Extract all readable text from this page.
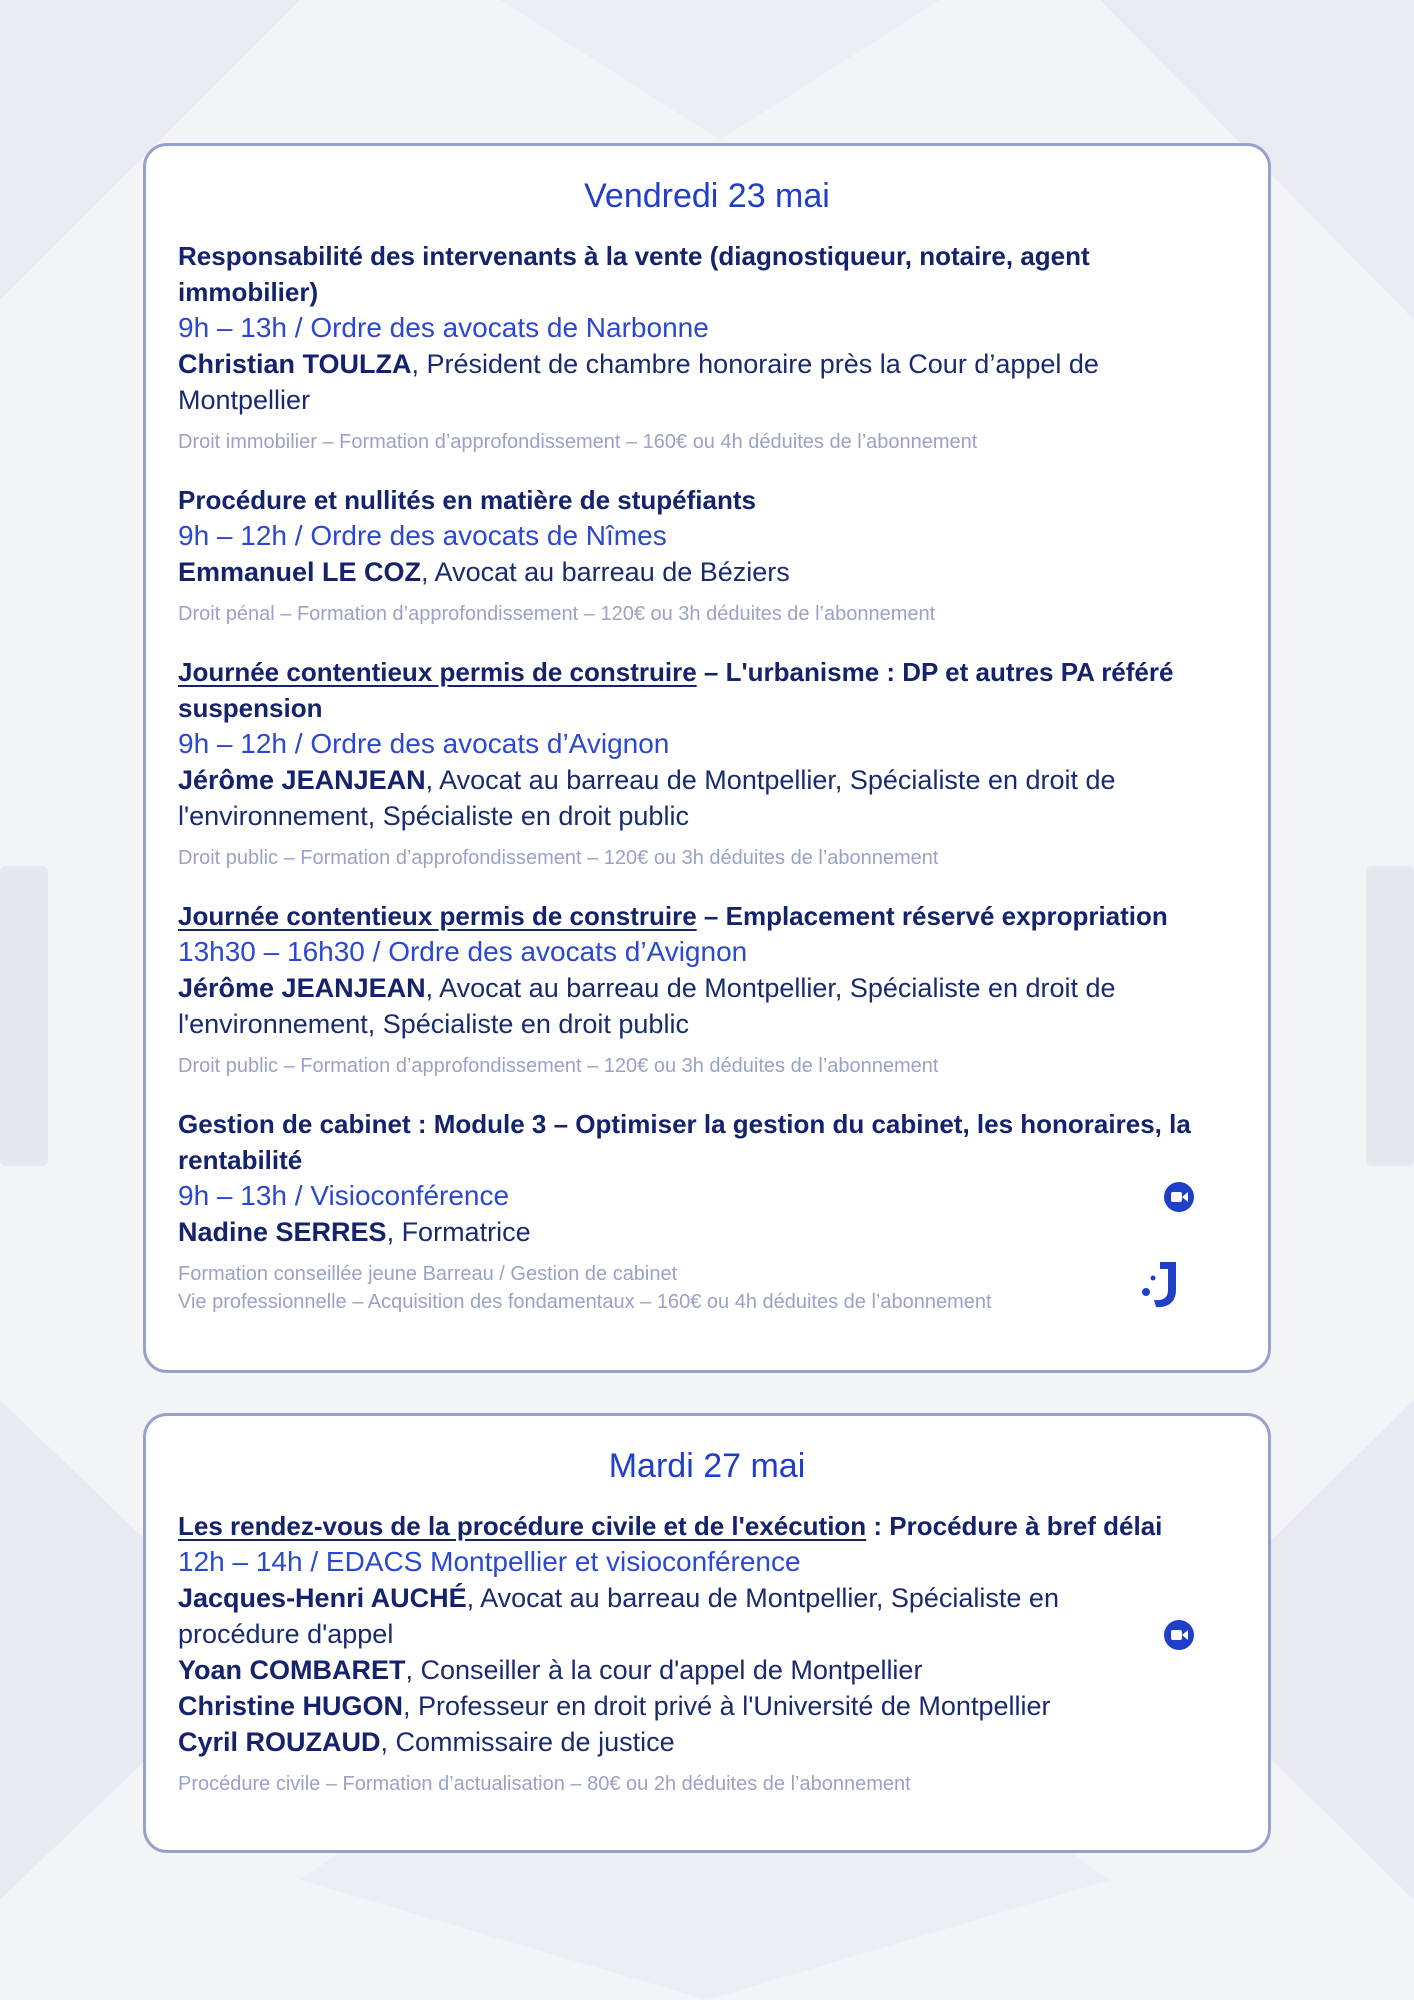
Vendredi 23 mai
Responsabilité des intervenants à la vente (diagnostiqueur, notaire, agent immobilier)
9h – 13h / Ordre des avocats de Narbonne
Christian TOULZA, Président de chambre honoraire près la Cour d’appel de Montpellier
Droit immobilier – Formation d’approfondissement – 160€ ou 4h déduites de l’abonnement
Procédure et nullités en matière de stupéfiants
9h – 12h / Ordre des avocats de Nîmes
Emmanuel LE COZ, Avocat au barreau de Béziers
Droit pénal – Formation d’approfondissement – 120€ ou 3h déduites de l’abonnement
Journée contentieux permis de construire – L'urbanisme : DP et autres PA référé suspension
9h – 12h / Ordre des avocats d’Avignon
Jérôme JEANJEAN, Avocat au barreau de Montpellier, Spécialiste en droit de l'environnement, Spécialiste en droit public
Droit public – Formation d’approfondissement – 120€ ou 3h déduites de l’abonnement
Journée contentieux permis de construire – Emplacement réservé expropriation
13h30 – 16h30 / Ordre des avocats d’Avignon
Jérôme JEANJEAN, Avocat au barreau de Montpellier, Spécialiste en droit de l'environnement, Spécialiste en droit public
Droit public – Formation d’approfondissement – 120€ ou 3h déduites de l’abonnement
Gestion de cabinet : Module 3 – Optimiser la gestion du cabinet, les honoraires, la rentabilité
9h – 13h / Visioconférence
Nadine SERRES, Formatrice
Formation conseillée jeune Barreau / Gestion de cabinet
Vie professionnelle – Acquisition des fondamentaux – 160€ ou 4h déduites de l’abonnement
Mardi 27 mai
Les rendez-vous de la procédure civile et de l'exécution : Procédure à bref délai
12h – 14h / EDACS Montpellier et visioconférence
Jacques-Henri AUCHÉ, Avocat au barreau de Montpellier, Spécialiste en procédure d'appel
Yoan COMBARET, Conseiller à la cour d'appel de Montpellier
Christine HUGON, Professeur en droit privé à l'Université de Montpellier
Cyril ROUZAUD, Commissaire de justice
Procédure civile – Formation d’actualisation – 80€ ou 2h déduites de l’abonnement
